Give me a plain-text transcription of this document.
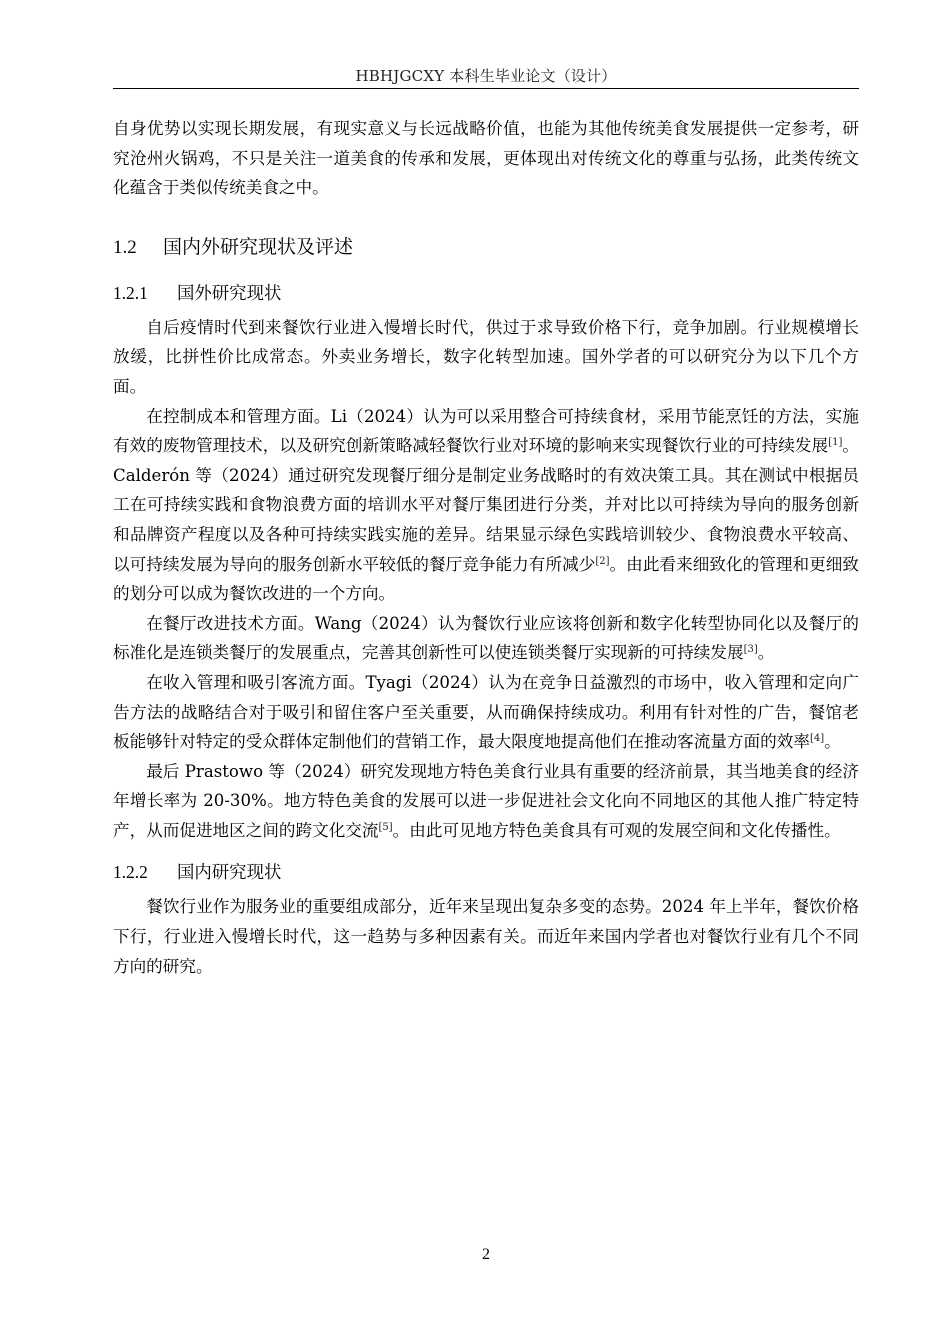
HBHJGCXY 本科生毕业论文（设计）

自身优势以实现长期发展，有现实意义与长远战略价值，也能为其他传统美食发展提供一定参考，研究沧州火锅鸡，不只是关注一道美食的传承和发展，更体现出对传统文化的尊重与弘扬，此类传统文化蕴含于类似传统美食之中。

1.2 国内外研究现状及评述
1.2.1 国外研究现状

自后疫情时代到来餐饮行业进入慢增长时代，供过于求导致价格下行，竞争加剧。行业规模增长放缓，比拼性价比成常态。外卖业务增长，数字化转型加速。国外学者的可以研究分为以下几个方面。

在控制成本和管理方面。Li（2024）认为可以采用整合可持续食材，采用节能烹饪的方法，实施有效的废物管理技术，以及研究创新策略减轻餐饮行业对环境的影响来实现餐饮行业的可持续发展[1]。Calderón 等（2024）通过研究发现餐厅细分是制定业务战略时的有效决策工具。其在测试中根据员工在可持续实践和食物浪费方面的培训水平对餐厅集团进行分类，并对比以可持续为导向的服务创新和品牌资产程度以及各种可持续实践实施的差异。结果显示绿色实践培训较少、食物浪费水平较高、以可持续发展为导向的服务创新水平较低的餐厅竞争能力有所减少[2]。由此看来细致化的管理和更细致的划分可以成为餐饮改进的一个方向。

在餐厅改进技术方面。Wang（2024）认为餐饮行业应该将创新和数字化转型协同化以及餐厅的标准化是连锁类餐厅的发展重点，完善其创新性可以使连锁类餐厅实现新的可持续发展[3]。

在收入管理和吸引客流方面。Tyagi（2024）认为在竞争日益激烈的市场中，收入管理和定向广告方法的战略结合对于吸引和留住客户至关重要，从而确保持续成功。利用有针对性的广告，餐馆老板能够针对特定的受众群体定制他们的营销工作，最大限度地提高他们在推动客流量方面的效率[4]。

最后 Prastowo 等（2024）研究发现地方特色美食行业具有重要的经济前景，其当地美食的经济年增长率为 20-30%。地方特色美食的发展可以进一步促进社会文化向不同地区的其他人推广特定特产，从而促进地区之间的跨文化交流[5]。由此可见地方特色美食具有可观的发展空间和文化传播性。

1.2.2 国内研究现状

餐饮行业作为服务业的重要组成部分，近年来呈现出复杂多变的态势。2024 年上半年，餐饮价格下行，行业进入慢增长时代，这一趋势与多种因素有关。而近年来国内学者也对餐饮行业有几个不同方向的研究。

2
